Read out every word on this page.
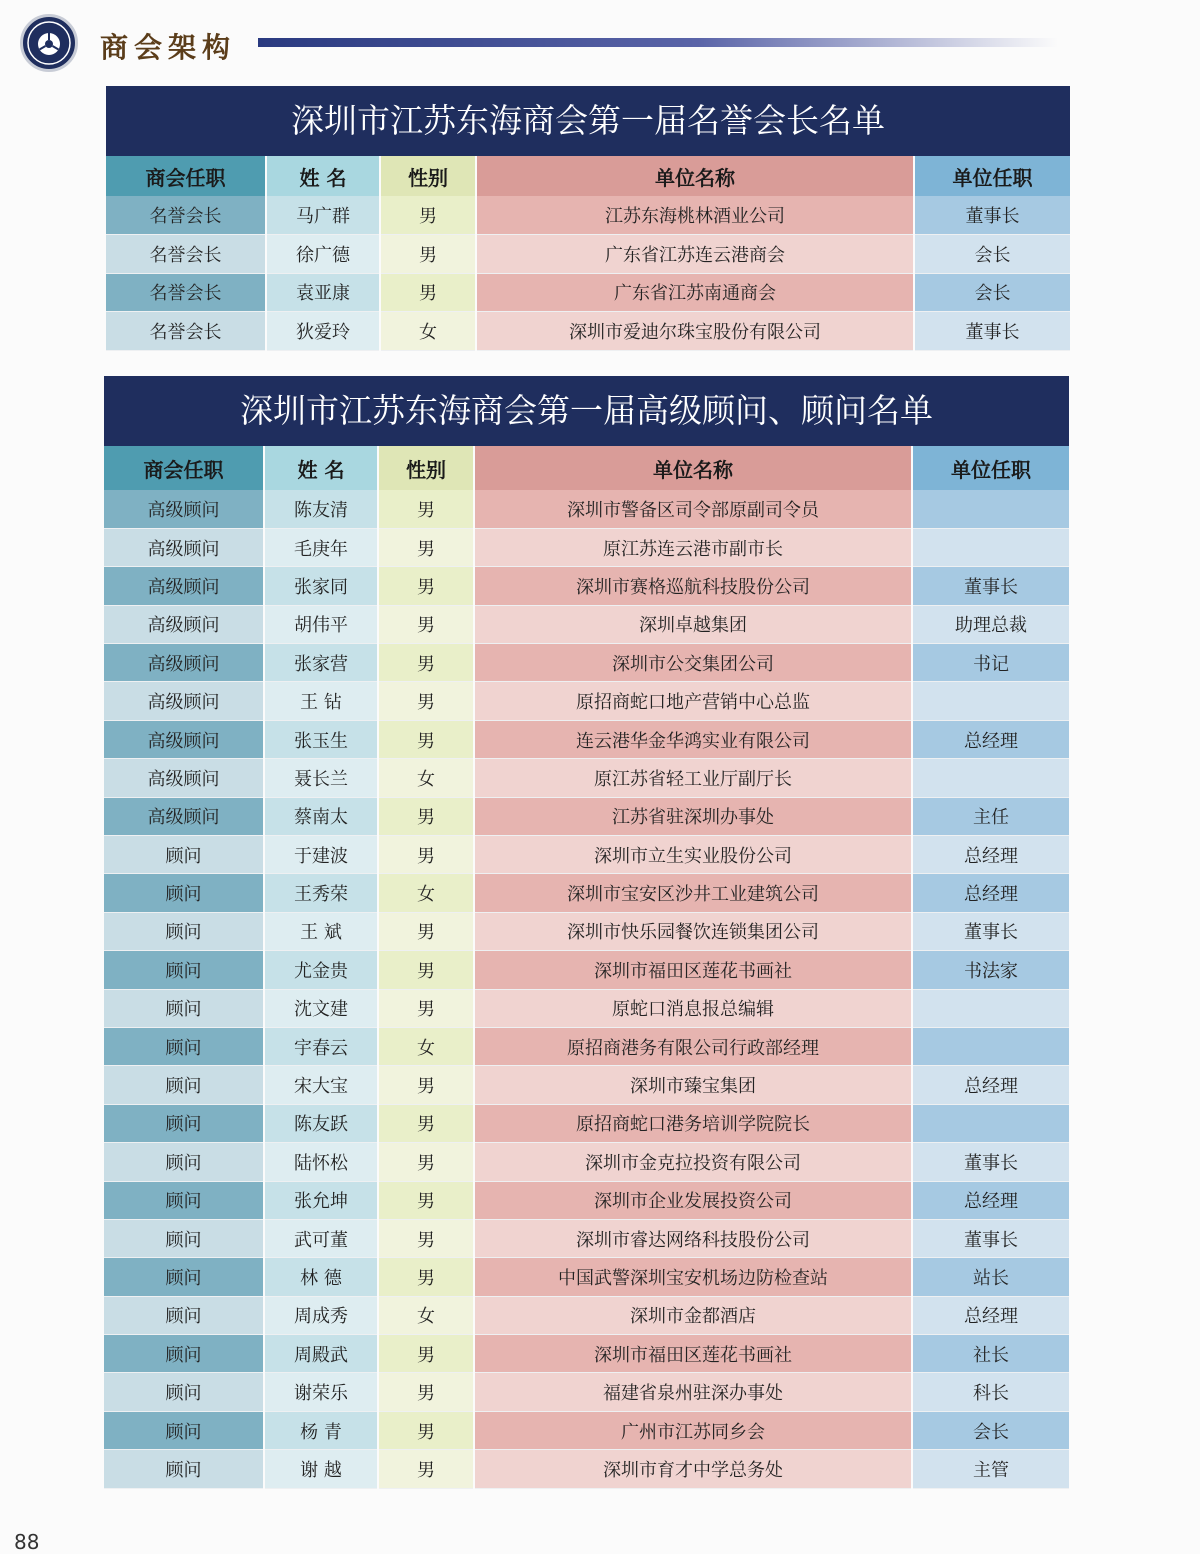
商会架构
深圳市江苏东海商会第一届名誉会长名单
商会任职	姓 名	性别	单位名称	单位任职
名誉会长	马广群	男	江苏东海桃林酒业公司	董事长
名誉会长	徐广德	男	广东省江苏连云港商会	会长
名誉会长	袁亚康	男	广东省江苏南通商会	会长
名誉会长	狄爱玲	女	深圳市爱迪尔珠宝股份有限公司	董事长
深圳市江苏东海商会第一届高级顾问、顾问名单
商会任职	姓 名	性别	单位名称	单位任职
高级顾问	陈友清	男	深圳市警备区司令部原副司令员	
高级顾问	毛庚年	男	原江苏连云港市副市长	
高级顾问	张家同	男	深圳市赛格巡航科技股份公司	董事长
高级顾问	胡伟平	男	深圳卓越集团	助理总裁
高级顾问	张家营	男	深圳市公交集团公司	书记
高级顾问	王 钻	男	原招商蛇口地产营销中心总监	
高级顾问	张玉生	男	连云港华金华鸿实业有限公司	总经理
高级顾问	聂长兰	女	原江苏省轻工业厅副厅长	
高级顾问	蔡南太	男	江苏省驻深圳办事处	主任
顾问	于建波	男	深圳市立生实业股份公司	总经理
顾问	王秀荣	女	深圳市宝安区沙井工业建筑公司	总经理
顾问	王 斌	男	深圳市快乐园餐饮连锁集团公司	董事长
顾问	尤金贵	男	深圳市福田区莲花书画社	书法家
顾问	沈文建	男	原蛇口消息报总编辑	
顾问	宇春云	女	原招商港务有限公司行政部经理	
顾问	宋大宝	男	深圳市臻宝集团	总经理
顾问	陈友跃	男	原招商蛇口港务培训学院院长	
顾问	陆怀松	男	深圳市金克拉投资有限公司	董事长
顾问	张允坤	男	深圳市企业发展投资公司	总经理
顾问	武可董	男	深圳市睿达网络科技股份公司	董事长
顾问	林 德	男	中国武警深圳宝安机场边防检查站	站长
顾问	周成秀	女	深圳市金都酒店	总经理
顾问	周殿武	男	深圳市福田区莲花书画社	社长
顾问	谢荣乐	男	福建省泉州驻深办事处	科长
顾问	杨 青	男	广州市江苏同乡会	会长
顾问	谢 越	男	深圳市育才中学总务处	主管
88
